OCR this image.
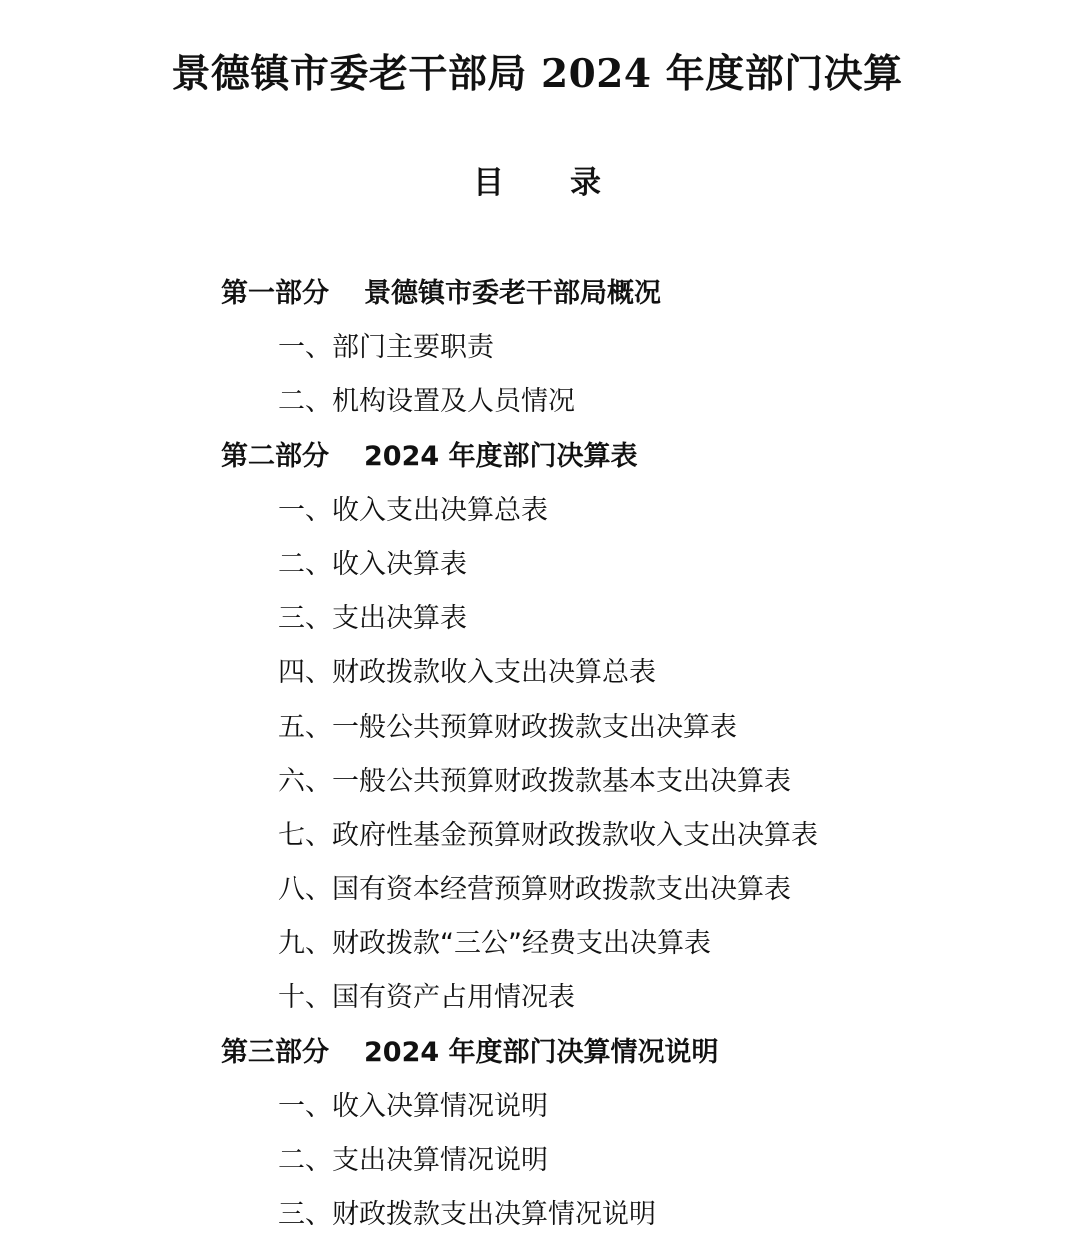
景德镇市委老干部局 2024 年度部门决算
目录
第一部分 景德镇市委老干部局概况
一、部门主要职责
二、机构设置及人员情况
第二部分 2024 年度部门决算表
一、收入支出决算总表
二、收入决算表
三、支出决算表
四、财政拨款收入支出决算总表
五、一般公共预算财政拨款支出决算表
六、一般公共预算财政拨款基本支出决算表
七、政府性基金预算财政拨款收入支出决算表
八、国有资本经营预算财政拨款支出决算表
九、财政拨款“三公”经费支出决算表
十、国有资产占用情况表
第三部分 2024 年度部门决算情况说明
一、收入决算情况说明
二、支出决算情况说明
三、财政拨款支出决算情况说明
